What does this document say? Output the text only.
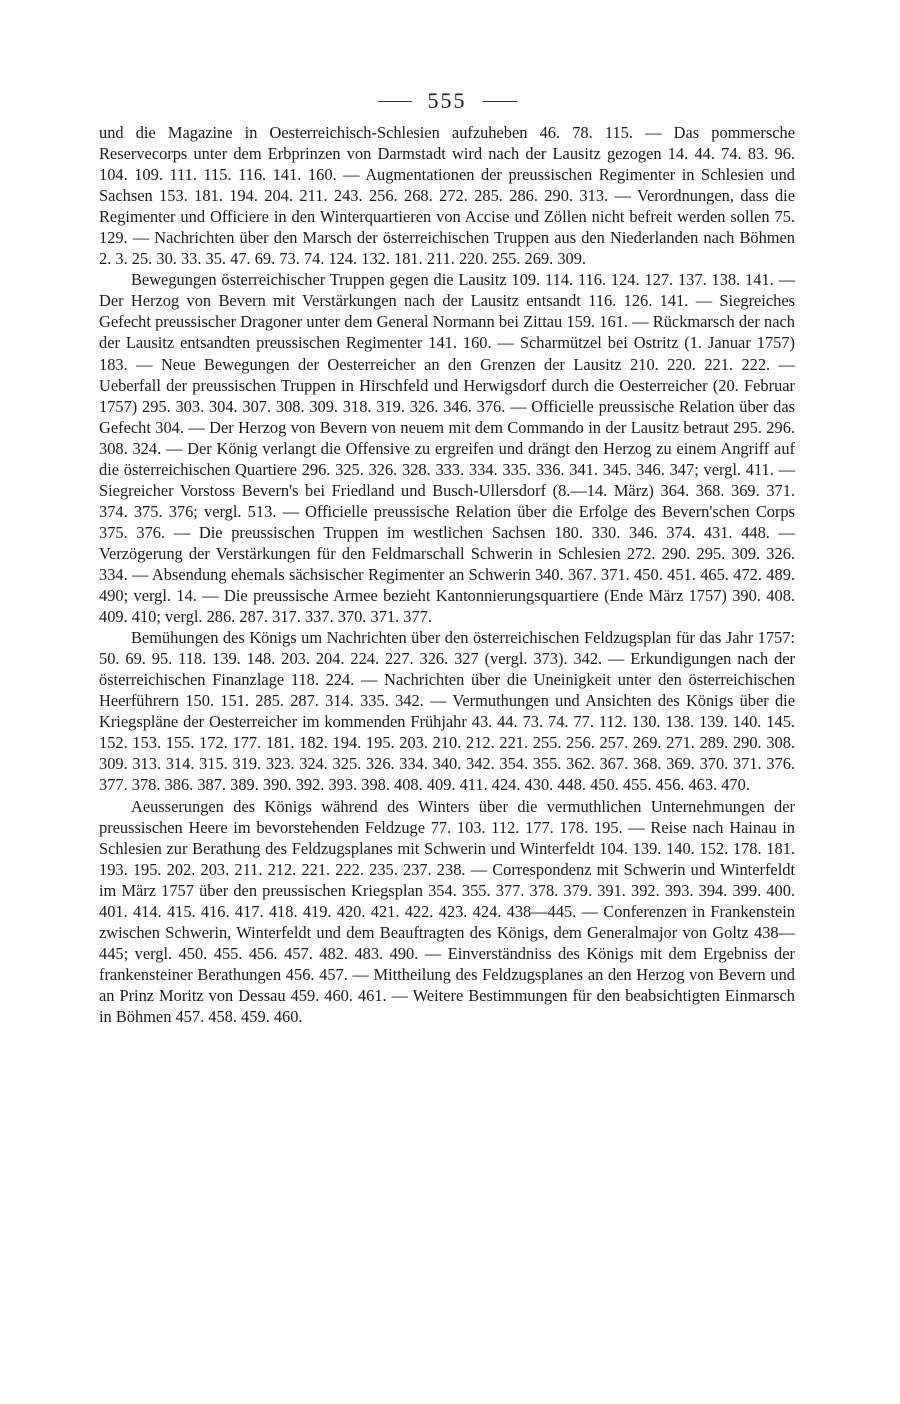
555

und die Magazine in Oesterreichisch-Schlesien aufzuheben 46. 78. 115. — Das pommersche Reservecorps unter dem Erbprinzen von Darmstadt wird nach der Lausitz gezogen 14. 44. 74. 83. 96. 104. 109. 111. 115. 116. 141. 160. — Augmentationen der preussischen Regimenter in Schlesien und Sachsen 153. 181. 194. 204. 211. 243. 256. 268. 272. 285. 286. 290. 313. — Verordnungen, dass die Regimenter und Officiere in den Winterquartieren von Accise und Zöllen nicht befreit werden sollen 75. 129. — Nachrichten über den Marsch der österreichischen Truppen aus den Niederlanden nach Böhmen 2. 3. 25. 30. 33. 35. 47. 69. 73. 74. 124. 132. 181. 211. 220. 255. 269. 309.

Bewegungen österreichischer Truppen gegen die Lausitz 109. 114. 116. 124. 127. 137. 138. 141. — Der Herzog von Bevern mit Verstärkungen nach der Lausitz entsandt 116. 126. 141. — Siegreiches Gefecht preussischer Dragoner unter dem General Normann bei Zittau 159. 161. — Rückmarsch der nach der Lausitz entsandten preussischen Regimenter 141. 160. — Scharmützel bei Ostritz (1. Januar 1757) 183. — Neue Bewegungen der Oesterreicher an den Grenzen der Lausitz 210. 220. 221. 222. — Ueberfall der preussischen Truppen in Hirschfeld und Herwigsdorf durch die Oesterreicher (20. Februar 1757) 295. 303. 304. 307. 308. 309. 318. 319. 326. 346. 376. — Officielle preussische Relation über das Gefecht 304. — Der Herzog von Bevern von neuem mit dem Commando in der Lausitz betraut 295. 296. 308. 324. — Der König verlangt die Offensive zu ergreifen und drängt den Herzog zu einem Angriff auf die österreichischen Quartiere 296. 325. 326. 328. 333. 334. 335. 336. 341. 345. 346. 347; vergl. 411. — Siegreicher Vorstoss Bevern's bei Friedland und Busch-Ullersdorf (8.—14. März) 364. 368. 369. 371. 374. 375. 376; vergl. 513. — Officielle preussische Relation über die Erfolge des Bevern'schen Corps 375. 376. — Die preussischen Truppen im westlichen Sachsen 180. 330. 346. 374. 431. 448. — Verzögerung der Verstärkungen für den Feldmarschall Schwerin in Schlesien 272. 290. 295. 309. 326. 334. — Absendung ehemals sächsischer Regimenter an Schwerin 340. 367. 371. 450. 451. 465. 472. 489. 490; vergl. 14. — Die preussische Armee bezieht Kantonnierungsquartiere (Ende März 1757) 390. 408. 409. 410; vergl. 286. 287. 317. 337. 370. 371. 377.

Bemühungen des Königs um Nachrichten über den österreichischen Feldzugsplan für das Jahr 1757: 50. 69. 95. 118. 139. 148. 203. 204. 224. 227. 326. 327 (vergl. 373). 342. — Erkundigungen nach der österreichischen Finanzlage 118. 224. — Nachrichten über die Uneinigkeit unter den österreichischen Heerführern 150. 151. 285. 287. 314. 335. 342. — Vermuthungen und Ansichten des Königs über die Kriegspläne der Oesterreicher im kommenden Frühjahr 43. 44. 73. 74. 77. 112. 130. 138. 139. 140. 145. 152. 153. 155. 172. 177. 181. 182. 194. 195. 203. 210. 212. 221. 255. 256. 257. 269. 271. 289. 290. 308. 309. 313. 314. 315. 319. 323. 324. 325. 326. 334. 340. 342. 354. 355. 362. 367. 368. 369. 370. 371. 376. 377. 378. 386. 387. 389. 390. 392. 393. 398. 408. 409. 411. 424. 430. 448. 450. 455. 456. 463. 470.

Aeusserungen des Königs während des Winters über die vermuthlichen Unternehmungen der preussischen Heere im bevorstehenden Feldzuge 77. 103. 112. 177. 178. 195. — Reise nach Hainau in Schlesien zur Berathung des Feldzugsplanes mit Schwerin und Winterfeldt 104. 139. 140. 152. 178. 181. 193. 195. 202. 203. 211. 212. 221. 222. 235. 237. 238. — Correspondenz mit Schwerin und Winterfeldt im März 1757 über den preussischen Kriegsplan 354. 355. 377. 378. 379. 391. 392. 393. 394. 399. 400. 401. 414. 415. 416. 417. 418. 419. 420. 421. 422. 423. 424. 438—445. — Conferenzen in Frankenstein zwischen Schwerin, Winterfeldt und dem Beauftragten des Königs, dem Generalmajor von Goltz 438—445; vergl. 450. 455. 456. 457. 482. 483. 490. — Einverständniss des Königs mit dem Ergebniss der frankensteiner Berathungen 456. 457. — Mittheilung des Feldzugsplanes an den Herzog von Bevern und an Prinz Moritz von Dessau 459. 460. 461. — Weitere Bestimmungen für den beabsichtigten Einmarsch in Böhmen 457. 458. 459. 460.
